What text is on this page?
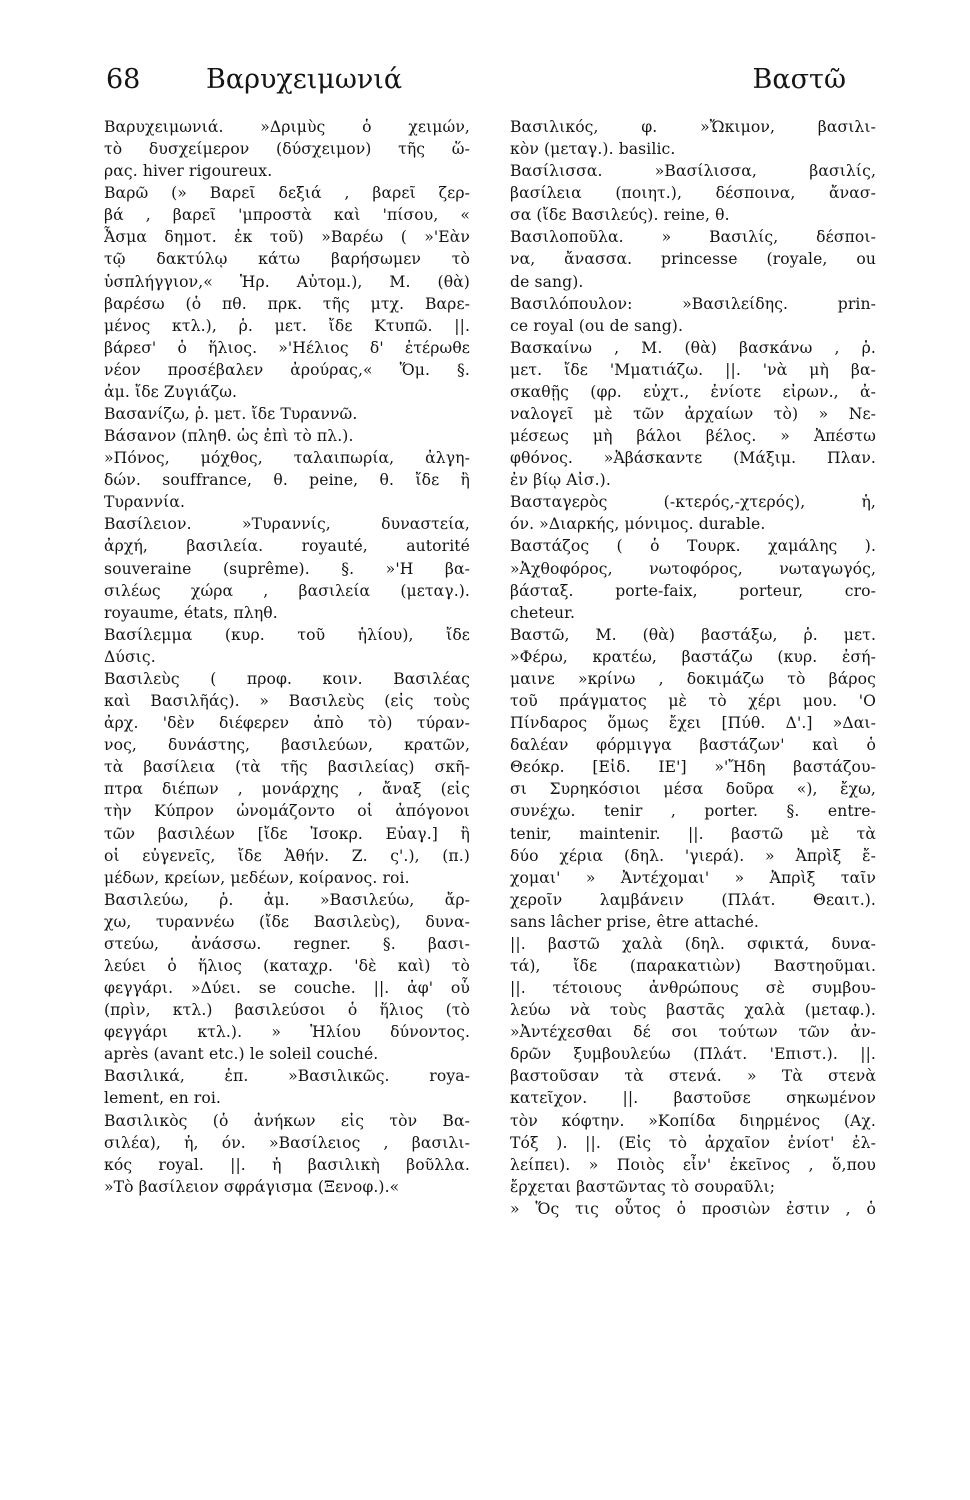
68 Βαρυχειμωνιά	Βαστῶ
Βαρυχειμωνιά. »Δριμὺς ὁ χειμών,
τὸ δυσχείμερον (δύσχειμον) τῆς ὥ-
ρας. hiver rigoureux.
Βαρῶ (» Βαρεῖ δεξιά , βαρεῖ ζερ-
βά , βαρεῖ 'μπροστὰ καὶ 'πίσου, «
Ἆσμα δημοτ. ἐκ τοῦ) »Βαρέω ( »'Εὰν
τῷ δακτύλῳ κάτω βαρήσωμεν τὸ
ὑσπλήγγιον,« Ἡρ. Αὐτομ.), Μ. (θὰ)
βαρέσω (ὁ πθ. πρκ. τῆς μτχ. Βαρε-
μένος κτλ.), ῥ. μετ. ἴδε Κτυπῶ. ||.
βάρεσ' ὁ ἥλιος. »'Ηέλιος δ' ἐτέρωθε
νέον προσέβαλεν ἀρούρας,« Ὅμ. §.
ἀμ. ἴδε Ζυγιάζω.
Βασανίζω, ῥ. μετ. ἴδε Τυραννῶ.
Βάσανον (πληθ. ὡς ἐπὶ τὸ πλ.).
»Πόνος, μόχθος, ταλαιπωρία, ἀλγη-
δών. souffrance, θ. peine, θ. ἴδε ἢ
Τυραννία.
Βασίλειον. »Τυραννίς, δυναστεία,
ἀρχή, βασιλεία. royauté, autorité
souveraine (suprême). §. »'Η βα-
σιλέως χώρα , βασιλεία (μεταγ.).
royaume, états, πληθ.
Βασίλεμμα (κυρ. τοῦ ἡλίου), ἴδε
Δύσις.
Βασιλεὺς ( προφ. κοιν. Βασιλέας
καὶ Βασιλῆάς). » Βασιλεὺς (εἰς τοὺς
ἀρχ. 'δὲν διέφερεν ἀπὸ τὸ) τύραν-
νος, δυνάστης, βασιλεύων, κρατῶν,
τὰ βασίλεια (τὰ τῆς βασιλείας) σκῆ-
πτρα διέπων , μονάρχης , ἄναξ (εἰς
τὴν Κύπρον ὠνομάζοντο οἱ ἀπόγονοι
τῶν βασιλέων [ἴδε Ἰσοκρ. Εὐαγ.] ἢ
οἱ εὐγενεῖς, ἴδε Ἀθήν. Ζ. ς'.), (π.)
μέδων, κρείων, μεδέων, κοίρανος. roi.
Βασιλεύω, ῥ. ἀμ. »Βασιλεύω, ἄρ-
χω, τυραννέω (ἴδε Βασιλεὺς), δυνα-
στεύω, ἀνάσσω. regner. §. βασι-
λεύει ὁ ἥλιος (καταχρ. 'δὲ καὶ) τὸ
φεγγάρι. »Δύει. se couche. ||. ἀφ' οὗ
(πρὶν, κτλ.) βασιλεύσοι ὁ ἥλιος (τὸ
φεγγάρι κτλ.). » Ἡλίου δύνοντος.
après (avant etc.) le soleil couché.
Βασιλικά, ἐπ. »Βασιλικῶς. roya-
lement, en roi.
Βασιλικὸς (ὁ ἀνήκων εἰς τὸν Βα-
σιλέα), ἡ, όν. »Βασίλειος , βασιλι-
κός royal. ||. ἡ βασιλικὴ βοῦλλα.
»Τὸ βασίλειον σφράγισμα (Ξενοφ.).«
Βασιλικός, φ. »Ὤκιμον, βασιλι-
κὸν (μεταγ.). basilic.
Βασίλισσα. »Βασίλισσα, βασιλίς,
βασίλεια (ποιητ.), δέσποινα, ἄνασ-
σα (ἴδε Βασιλεύς). reine, θ.
Βασιλοποῦλα. » Βασιλίς, δέσποι-
να, ἄνασσα. princesse (royale, ou
de sang).
Βασιλόπουλον: »Βασιλείδης. prin-
ce royal (ou de sang).
Βασκαίνω , Μ. (θὰ) βασκάνω , ῥ.
μετ. ἴδε 'Μματιάζω. ||. 'νὰ μὴ βα-
σκαθῇς (φρ. εὐχτ., ἐνίοτε εἰρων., ἀ-
ναλογεῖ μὲ τῶν ἀρχαίων τὸ) » Νε-
μέσεως μὴ βάλοι βέλος. » Ἀπέστω
φθόνος. »Ἀβάσκαντε (Μάξιμ. Πλαν.
ἐν βίῳ Αἰσ.).
Βασταγερὸς (-κτερός,-χτερός), ἡ,
όν. »Διαρκής, μόνιμος. durable.
Βαστάζος ( ὁ Τουρκ. χαμάλης ).
»Ἀχθοφόρος, νωτοφόρος, νωταγωγός,
βάσταξ. porte-faix, porteur, cro-
cheteur.
Βαστῶ, Μ. (θὰ) βαστάξω, ῥ. μετ.
»Φέρω, κρατέω, βαστάζω (κυρ. ἐσή-
μαινε »κρίνω , δοκιμάζω τὸ βάρος
τοῦ πράγματος μὲ τὸ χέρι μου. 'Ο
Πίνδαρος ὅμως ἔχει [Πύθ. Δ'.] »Δαι-
δαλέαν φόρμιγγα βαστάζων' καὶ ὁ
Θεόκρ. [Εἰδ. ΙΕ'] »'Ἤδη βαστάζου-
σι Συρηκόσιοι μέσα δοῦρα «), ἔχω,
συνέχω. tenir , porter. §. entre-
tenir, maintenir. ||. βαστῶ μὲ τὰ
δύο χέρια (δηλ. 'γιερά). » Ἀπρὶξ ἔ-
χομαι' » Ἀντέχομαι' » Ἀπρὶξ ταῖν
χεροῖν λαμβάνειν (Πλάτ. Θεαιτ.).
sans lâcher prise, être attaché.
||. βαστῶ χαλὰ (δηλ. σφικτά, δυνα-
τά), ἴδε (παρακατιὼν) Βαστηοῦμαι.
||. τέτοιους ἀνθρώπους σὲ συμβου-
λεύω νὰ τοὺς βαστᾶς χαλὰ (μεταφ.).
»Ἀντέχεσθαι δέ σοι τούτων τῶν ἀν-
δρῶν ξυμβουλεύω (Πλάτ. 'Επιστ.). ||.
βαστοῦσαν τὰ στενά. » Τὰ στενὰ
κατεῖχον. ||. βαστοῦσε σηκωμένον
τὸν κόφτην. »Κοπίδα διηρμένος (Αχ.
Τόξ ). ||. (Εἰς τὸ ἀρχαῖον ἐνίοτ' ἐλ-
λείπει). » Ποιὸς εἶν' ἐκεῖνος , ὅ,που
ἔρχεται βαστῶντας τὸ σουραῦλι;
» Ὅς τις οὗτος ὁ προσιὼν ἐστιν , ὁ
